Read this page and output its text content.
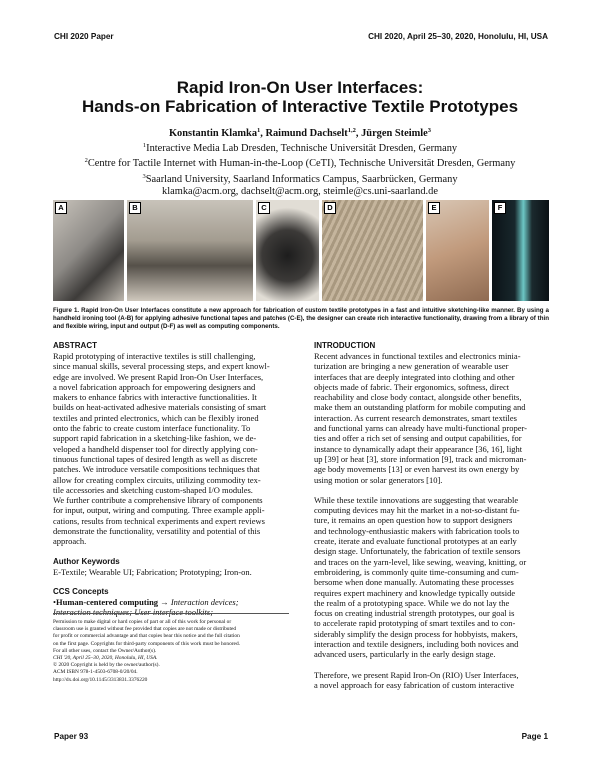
CHI 2020 Paper	CHI 2020, April 25–30, 2020, Honolulu, HI, USA
Rapid Iron-On User Interfaces:
Hands-on Fabrication of Interactive Textile Prototypes
Konstantin Klamka$^1$, Raimund Dachselt$^{1,2}$, Jürgen Steimle$^3$
$^1$Interactive Media Lab Dresden, Technische Universität Dresden, Germany
$^2$Centre for Tactile Internet with Human-in-the-Loop (CeTI), Technische Universität Dresden, Germany
$^3$Saarland University, Saarland Informatics Campus, Saarbrücken, Germany
klamka@acm.org, dachselt@acm.org, steimle@cs.uni-saarland.de
A	B	C	D	E	F
Figure 1. Rapid Iron-On User Interfaces constitute a new approach for fabrication of custom textile prototypes in a fast and intuitive sketching-like manner. By using a handheld ironing tool (A-B) for applying adhesive functional tapes and patches (C-E), the designer can create rich interactive functionality, drawing from a library of thin and flexible wiring, input and output (D-F) as well as computing components.
ABSTRACT
Rapid prototyping of interactive textiles is still challenging,
since manual skills, several processing steps, and expert knowl-
edge are involved. We present Rapid Iron-On User Interfaces,
a novel fabrication approach for empowering designers and
makers to enhance fabrics with interactive functionalities. It
builds on heat-activated adhesive materials consisting of smart
textiles and printed electronics, which can be flexibly ironed
onto the fabric to create custom interface functionality. To
support rapid fabrication in a sketching-like fashion, we de-
veloped a handheld dispenser tool for directly applying con-
tinuous functional tapes of desired length as well as discrete
patches. We introduce versatile compositions techniques that
allow for creating complex circuits, utilizing commodity tex-
tile accessories and sketching custom-shaped I/O modules.
We further contribute a comprehensive library of components
for input, output, wiring and computing. Three example appli-
cations, results from technical experiments and expert reviews
demonstrate the functionality, versatility and potential of this
approach.
Author Keywords
E-Textile; Wearable UI; Fabrication; Prototyping; Iron-on.
CCS Concepts
•Human-centered computing → Interaction devices;
Interaction techniques; User interface toolkits;
Permission to make digital or hard copies of part or all of this work for personal or
classroom use is granted without fee provided that copies are not made or distributed
for profit or commercial advantage and that copies bear this notice and the full citation
on the first page. Copyrights for third-party components of this work must be honored.
For all other uses, contact the Owner/Author(s).
CHI '20, April 25–30, 2020, Honolulu, HI, USA.
© 2020 Copyright is held by the owner/author(s).
ACM ISBN 978-1-4503-6708-0/20/04.
http://dx.doi.org/10.1145/3313831.3376220
INTRODUCTION
Recent advances in functional textiles and electronics minia-
turization are bringing a new generation of wearable user
interfaces that are deeply integrated into clothing and other
objects made of fabric. Their ergonomics, softness, direct
reachability and close body contact, alongside other benefits,
make them an outstanding platform for mobile computing and
interaction. As current research demonstrates, smart textiles
and functional yarns can already have multi-functional proper-
ties and offer a rich set of sensing and output capabilities, for
instance to dynamically adapt their appearance [36, 16], light
up [39] or heat [3], store information [9], track and microman-
age body movements [13] or even harvest its own energy by
using motion or solar generators [10].
While these textile innovations are suggesting that wearable
computing devices may hit the market in a not-so-distant fu-
ture, it remains an open question how to support designers
and technology-enthusiastic makers with fabrication tools to
create, iterate and evaluate functional prototypes at an early
design stage. Unfortunately, the fabrication of textile sensors
and traces on the yarn-level, like sewing, weaving, knitting, or
embroidering, is commonly quite time-consuming and cum-
bersome when done manually. Automating these processes
requires expert machinery and knowledge typically outside
the realm of a prototyping space. While we do not lay the
focus on creating industrial strength prototypes, our goal is
to accelerate rapid prototyping of smart textiles and to con-
siderably simplify the design process for hobbyists, makers,
interaction and textile designers, including both novices and
advanced users, particularly in the early design stage.
Therefore, we present Rapid Iron-On (RIO) User Interfaces,
a novel approach for easy fabrication of custom interactive
Paper 93	Page 1
